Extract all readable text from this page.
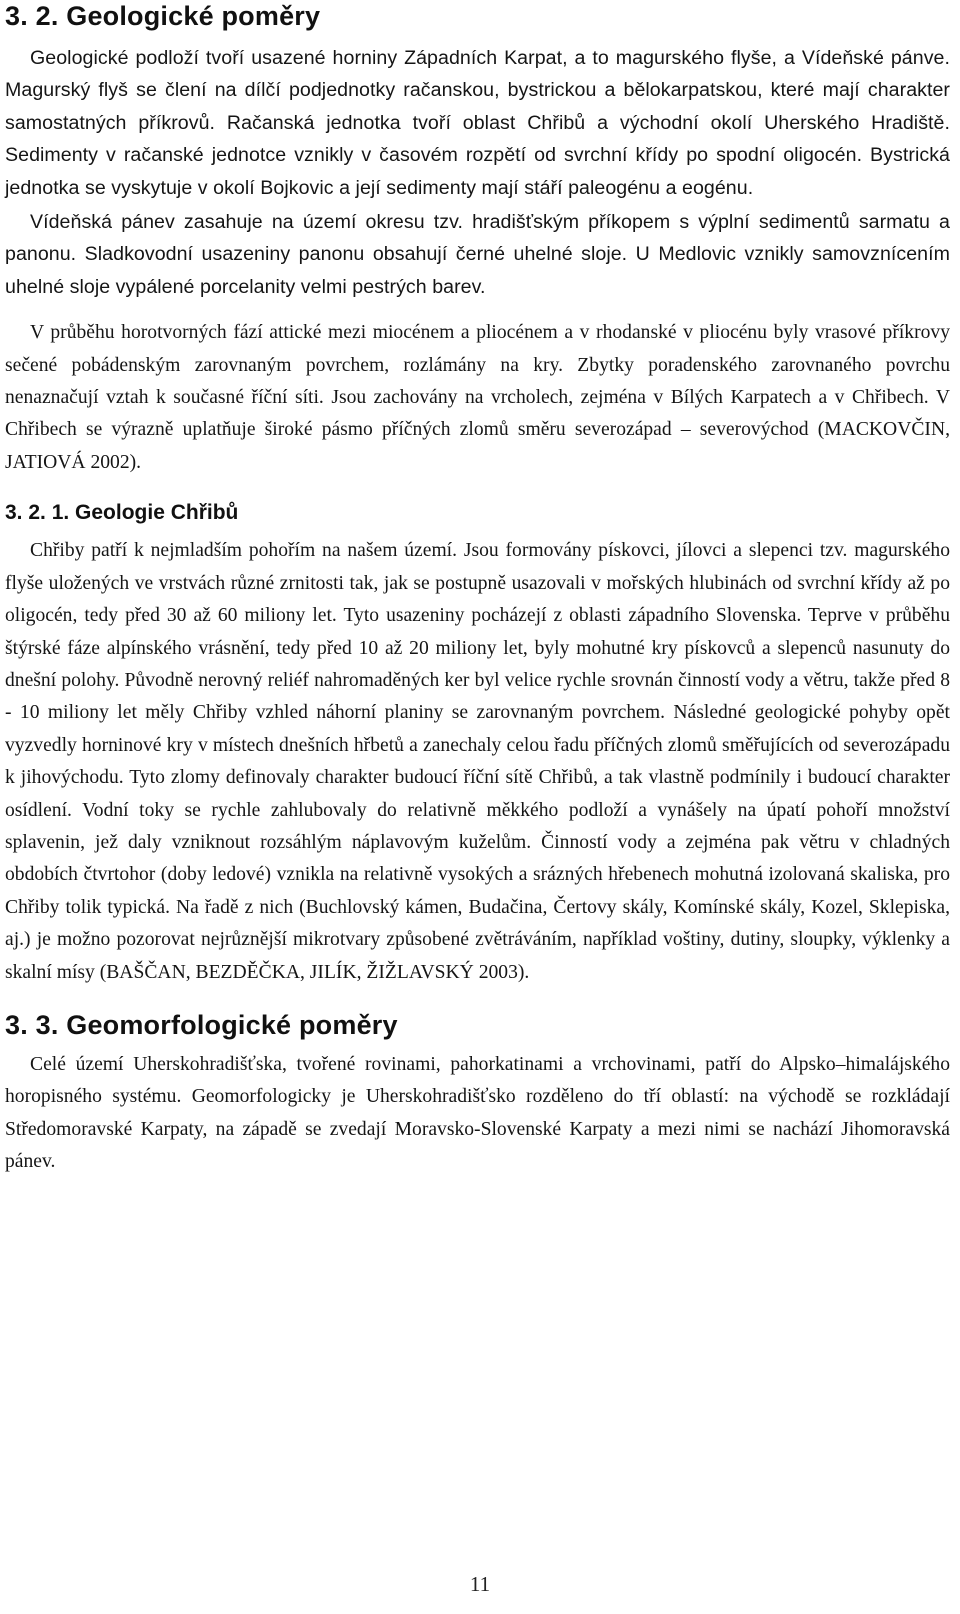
3. 2. Geologické poměry

Geologické podloží tvoří usazené horniny Západních Karpat, a to magurského flyše, a Vídeňské pánve. Magurský flyš se člení na dílčí podjednotky račanskou, bystrickou a bělokarpatskou, které mají charakter samostatných příkrovů. Račanská jednotka tvoří oblast Chřibů a východní okolí Uherského Hradiště. Sedimenty v račanské jednotce vznikly v časovém rozpětí od svrchní křídy po spodní oligocén. Bystrická jednotka se vyskytuje v okolí Bojkovic a její sedimenty mají stáří paleogénu a eogénu.

Vídeňská pánev zasahuje na území okresu tzv. hradišťským příkopem s výplní sedimentů sarmatu a panonu. Sladkovodní usazeniny panonu obsahují černé uhelné sloje. U Medlovic vznikly samovznícením uhelné sloje vypálené porcelanity velmi pestrých barev.

V průběhu horotvorných fází attické mezi miocénem a pliocénem a v rhodanské v pliocénu byly vrasové příkrovy sečené pobádenským zarovnaným povrchem, rozlámány na kry. Zbytky poradenského zarovnaného povrchu nenaznačují vztah k současné říční síti. Jsou zachovány na vrcholech, zejména v Bílých Karpatech a v Chřibech. V Chřibech se výrazně uplatňuje široké pásmo příčných zlomů směru severozápad – severovýchod (MACKOVČIN, JATIOVÁ 2002).

3. 2. 1. Geologie Chřibů

Chřiby patří k nejmladším pohořím na našem území. Jsou formovány pískovci, jílovci a slepenci tzv. magurského flyše uložených ve vrstvách různé zrnitosti tak, jak se postupně usazovali v mořských hlubinách od svrchní křídy až po oligocén, tedy před 30 až 60 miliony let. Tyto usazeniny pocházejí z oblasti západního Slovenska. Teprve v průběhu štýrské fáze alpínského vrásnění, tedy před 10 až 20 miliony let, byly mohutné kry pískovců a slepenců nasunuty do dnešní polohy. Původně nerovný reliéf nahromaděných ker byl velice rychle srovnán činností vody a větru, takže před 8 - 10 miliony let měly Chřiby vzhled náhorní planiny se zarovnaným povrchem. Následné geologické pohyby opět vyzvedly horninové kry v místech dnešních hřbetů a zanechaly celou řadu příčných zlomů směřujících od severozápadu k jihovýchodu. Tyto zlomy definovaly charakter budoucí říční sítě Chřibů, a tak vlastně podmínily i budoucí charakter osídlení. Vodní toky se rychle zahlubovaly do relativně měkkého podloží a vynášely na úpatí pohoří množství splavenin, jež daly vzniknout rozsáhlým náplavovým kuželům. Činností vody a zejména pak větru v chladných obdobích čtvrtohor (doby ledové) vznikla na relativně vysokých a srázných hřebenech mohutná izolovaná skaliska, pro Chřiby tolik typická. Na řadě z nich (Buchlovský kámen, Budačina, Čertovy skály, Komínské skály, Kozel, Sklepiska, aj.) je možno pozorovat nejrůznější mikrotvary způsobené zvětráváním, například voštiny, dutiny, sloupky, výklenky a skalní mísy (BAŠČAN, BEZDĚČKA, JILÍK, ŽIŽLAVSKÝ 2003).

3. 3. Geomorfologické poměry

Celé území Uherskohradišťska, tvořené rovinami, pahorkatinami a vrchovinami, patří do Alpsko–himalájského horopisného systému. Geomorfologicky je Uherskohradišťsko rozděleno do tří oblastí: na východě se rozkládají Středomoravské Karpaty, na západě se zvedají Moravsko-Slovenské Karpaty a mezi nimi se nachází Jihomoravská pánev.

11
